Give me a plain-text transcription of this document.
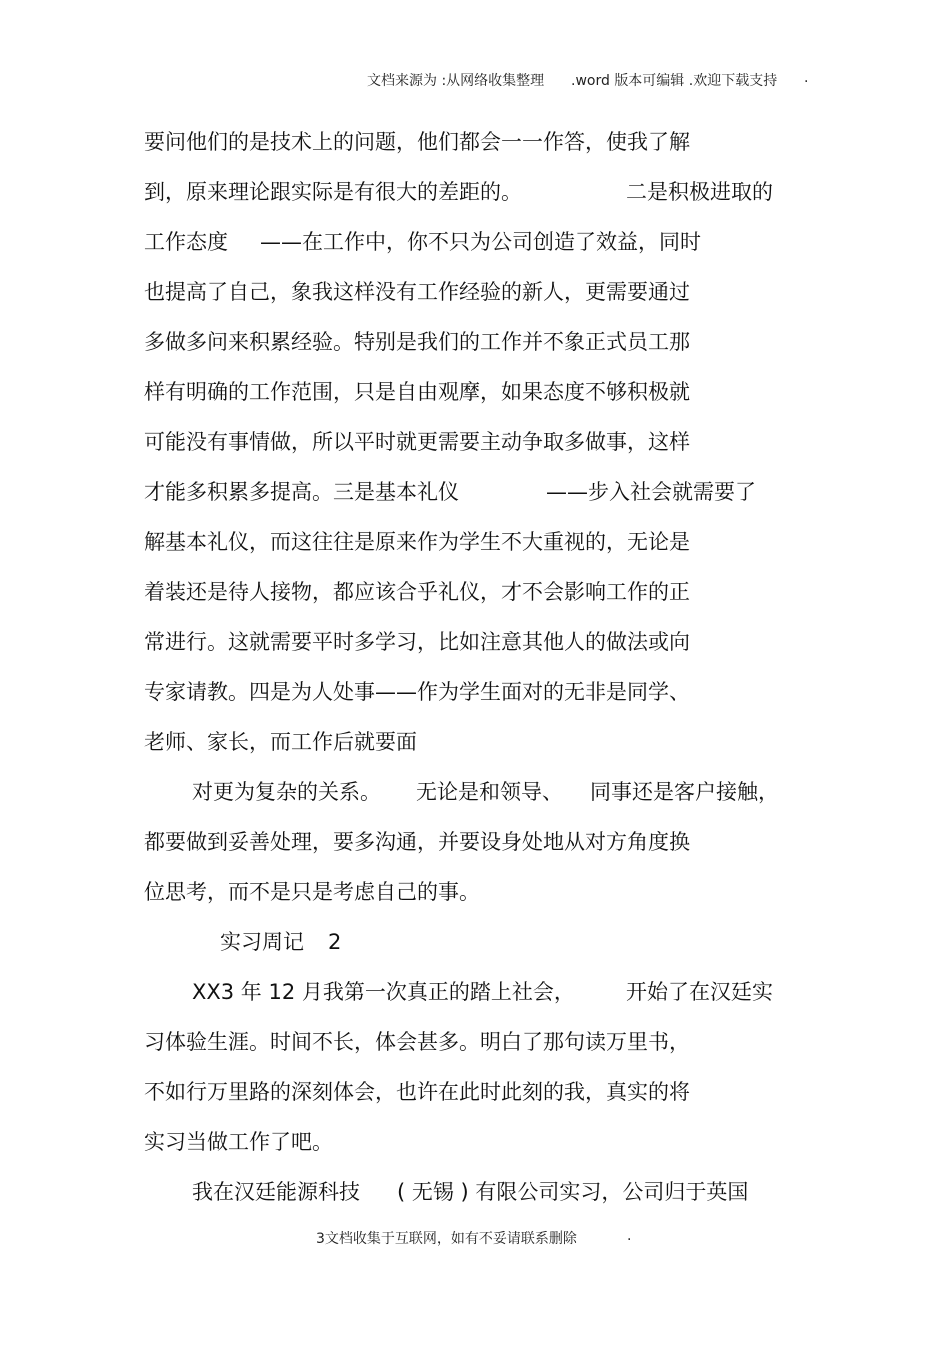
文档来源为 :从网络收集整理 .word 版本可编辑 .欢迎下载支持 .
要问他们的是技术上的问题，他们都会一一作答，使我了解
到，原来理论跟实际是有很大的差距的。	二是积极进取的
工作态度 ——在工作中，你不只为公司创造了效益，同时
也提高了自己，象我这样没有工作经验的新人，更需要通过
多做多问来积累经验。特别是我们的工作并不象正式员工那
样有明确的工作范围，只是自由观摩，如果态度不够积极就
可能没有事情做，所以平时就更需要主动争取多做事，这样
才能多积累多提高。三是基本礼仪	——步入社会就需要了
解基本礼仪，而这往往是原来作为学生不大重视的，无论是
着装还是待人接物，都应该合乎礼仪，才不会影响工作的正
常进行。这就需要平时多学习，比如注意其他人的做法或向
专家请教。四是为人处事——作为学生面对的无非是同学、
老师、家长，而工作后就要面
对更为复杂的关系。 无论是和领导、 同事还是客户接触，
都要做到妥善处理，要多沟通，并要设身处地从对方角度换
位思考，而不是只是考虑自己的事。
实习周记 2
XX3 年 12 月我第一次真正的踏上社会， 开始了在汉廷实
习体验生涯。时间不长，体会甚多。明白了那句读万里书，
不如行万里路的深刻体会，也许在此时此刻的我，真实的将
实习当做工作了吧。
我在汉廷能源科技 ( 无锡 ) 有限公司实习，公司归于英国
3文档收集于互联网，如有不妥请联系删除	.
